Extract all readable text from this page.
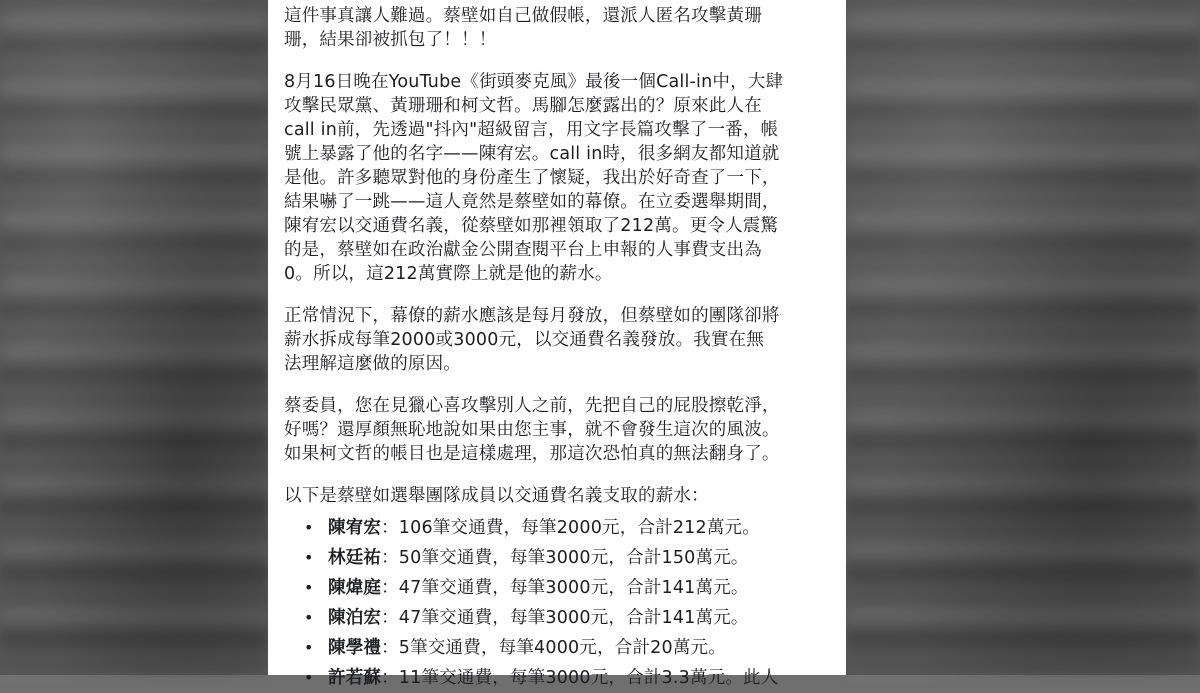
這件事真讓人難過。蔡壁如自己做假帳，還派人匿名攻擊黃珊
珊，結果卻被抓包了！！！

8月16日晚在YouTube《街頭麥克風》最後一個Call-in中，大肆
攻擊民眾黨、黃珊珊和柯文哲。馬腳怎麼露出的？原來此人在
call in前，先透過"抖內"超級留言，用文字長篇攻擊了一番，帳
號上暴露了他的名字——陳宥宏。call in時，很多網友都知道就
是他。許多聽眾對他的身份產生了懷疑，我出於好奇查了一下，
結果嚇了一跳——這人竟然是蔡壁如的幕僚。在立委選舉期間，
陳宥宏以交通費名義，從蔡壁如那裡領取了212萬。更令人震驚
的是，蔡壁如在政治獻金公開查閱平台上申報的人事費支出為
0。所以，這212萬實際上就是他的薪水。

正常情況下，幕僚的薪水應該是每月發放，但蔡壁如的團隊卻將
薪水拆成每筆2000或3000元，以交通費名義發放。我實在無
法理解這麼做的原因。

蔡委員，您在見獵心喜攻擊別人之前，先把自己的屁股擦乾淨，
好嗎？還厚顏無恥地說如果由您主事，就不會發生這次的風波。
如果柯文哲的帳目也是這樣處理，那這次恐怕真的無法翻身了。

以下是蔡壁如選舉團隊成員以交通費名義支取的薪水：

• 陳宥宏：106筆交通費，每筆2000元，合計212萬元。
• 林廷祐：50筆交通費，每筆3000元，合計150萬元。
• 陳煒庭：47筆交通費，每筆3000元，合計141萬元。
• 陳泊宏：47筆交通費，每筆3000元，合計141萬元。
• 陳學禮：5筆交通費，每筆4000元，合計20萬元。
• 許若蘇：11筆交通費，每筆3000元，合計3.3萬元。此人
